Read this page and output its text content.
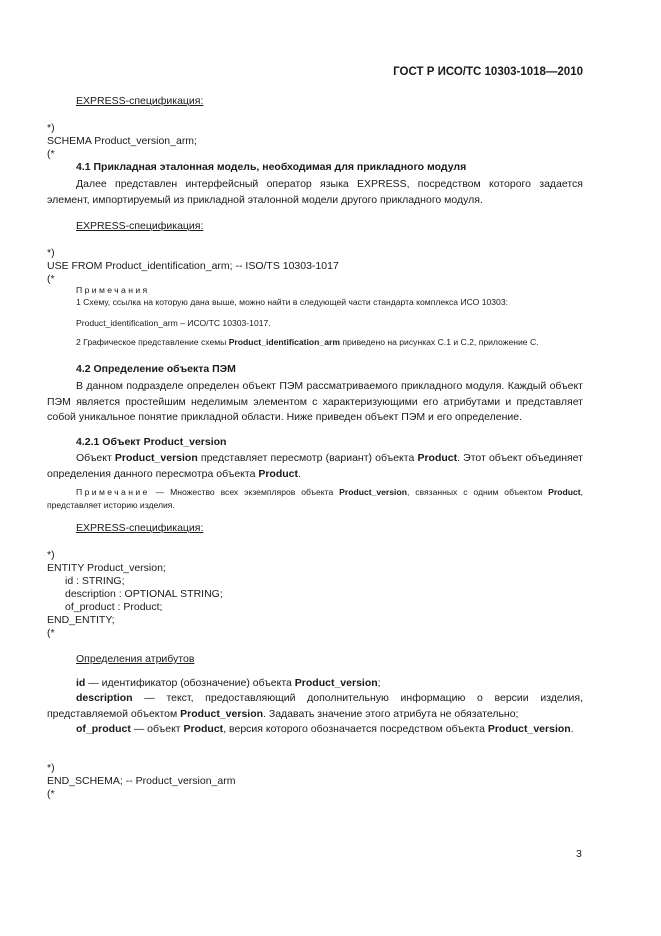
ГОСТ Р ИСО/ТС 10303-1018—2010
EXPRESS-спецификация:
*)
SCHEMA Product_version_arm;
(*
4.1 Прикладная эталонная модель, необходимая для прикладного модуля
Далее представлен интерфейсный оператор языка EXPRESS, посредством которого задается элемент, импортируемый из прикладной эталонной модели другого прикладного модуля.
EXPRESS-спецификация:
*)
USE FROM Product_identification_arm; -- ISO/TS 10303-1017
(*
Примечания
1 Схему, ссылка на которую дана выше, можно найти в следующей части стандарта комплекса ИСО 10303:
Product_identification_arm – ИСО/ТС 10303-1017.
2 Графическое представление схемы Product_identification_arm приведено на рисунках С.1 и С.2, приложение С.
4.2 Определение объекта ПЭМ
В данном подразделе определен объект ПЭМ рассматриваемого прикладного модуля. Каждый объект ПЭМ является простейшим неделимым элементом с характеризующими его атрибутами и представляет собой уникальное понятие прикладной области. Ниже приведен объект ПЭМ и его определение.
4.2.1 Объект Product_version
Объект Product_version представляет пересмотр (вариант) объекта Product. Этот объект объединяет определения данного пересмотра объекта Product.
Примечание — Множество всех экземпляров объекта Product_version, связанных с одним объектом Product, представляет историю изделия.
EXPRESS-спецификация:
*)
ENTITY Product_version;
id : STRING;
description : OPTIONAL STRING;
of_product : Product;
END_ENTITY;
(*
Определения атрибутов
id — идентификатор (обозначение) объекта Product_version;
description — текст, предоставляющий дополнительную информацию о версии изделия, представляемой объектом Product_version. Задавать значение этого атрибута не обязательно;
of_product — объект Product, версия которого обозначается посредством объекта Product_version.
*)
END_SCHEMA; -- Product_version_arm
(*
3
